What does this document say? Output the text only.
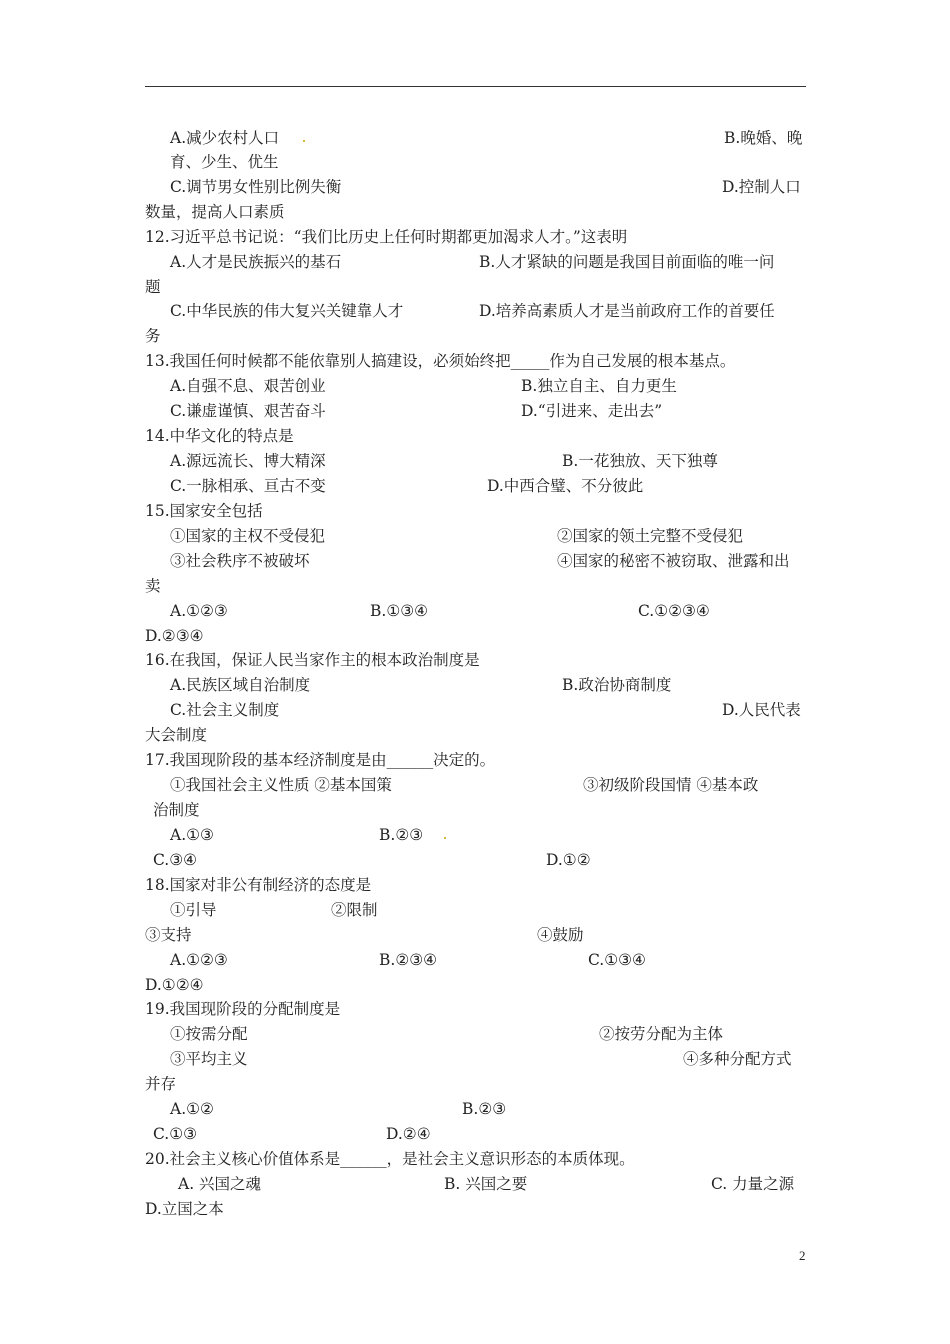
A.减少农村人口	B.晚婚、晚
育、少生、优生
C.调节男女性别比例失衡	D.控制人口
数量，提高人口素质
12.习近平总书记说：“我们比历史上任何时期都更加渴求人才。”这表明
A.人才是民族振兴的基石	B.人才紧缺的问题是我国目前面临的唯一问
题
C.中华民族的伟大复兴关键靠人才	D.培养高素质人才是当前政府工作的首要任
务
13.我国任何时候都不能依靠别人搞建设，必须始终把_____作为自己发展的根本基点。
A.自强不息、艰苦创业	B.独立自主、自力更生
C.谦虚谨慎、艰苦奋斗	D.“引进来、走出去”
14.中华文化的特点是
A.源远流长、博大精深	B.一花独放、天下独尊
C.一脉相承、亘古不变	D.中西合璧、不分彼此
15.国家安全包括
①国家的主权不受侵犯	②国家的领土完整不受侵犯
③社会秩序不被破坏	④国家的秘密不被窃取、泄露和出
卖
A.①②③	B.①③④	C.①②③④
D.②③④
16.在我国，保证人民当家作主的根本政治制度是
A.民族区域自治制度	B.政治协商制度
C.社会主义制度	D.人民代表
大会制度
17.我国现阶段的基本经济制度是由______决定的。
①我国社会主义性质 ②基本国策	③初级阶段国情 ④基本政
治制度
A.①③	B.②③
C.③④	D.①②
18.国家对非公有制经济的态度是
①引导	②限制
③支持	④鼓励
A.①②③	B.②③④	C.①③④
D.①②④
19.我国现阶段的分配制度是
①按需分配	②按劳分配为主体
③平均主义	④多种分配方式
并存
A.①②	B.②③
C.①③	D.②④
20.社会主义核心价值体系是______，是社会主义意识形态的本质体现。
A. 兴国之魂	B. 兴国之要	C. 力量之源
D.立国之本
2
